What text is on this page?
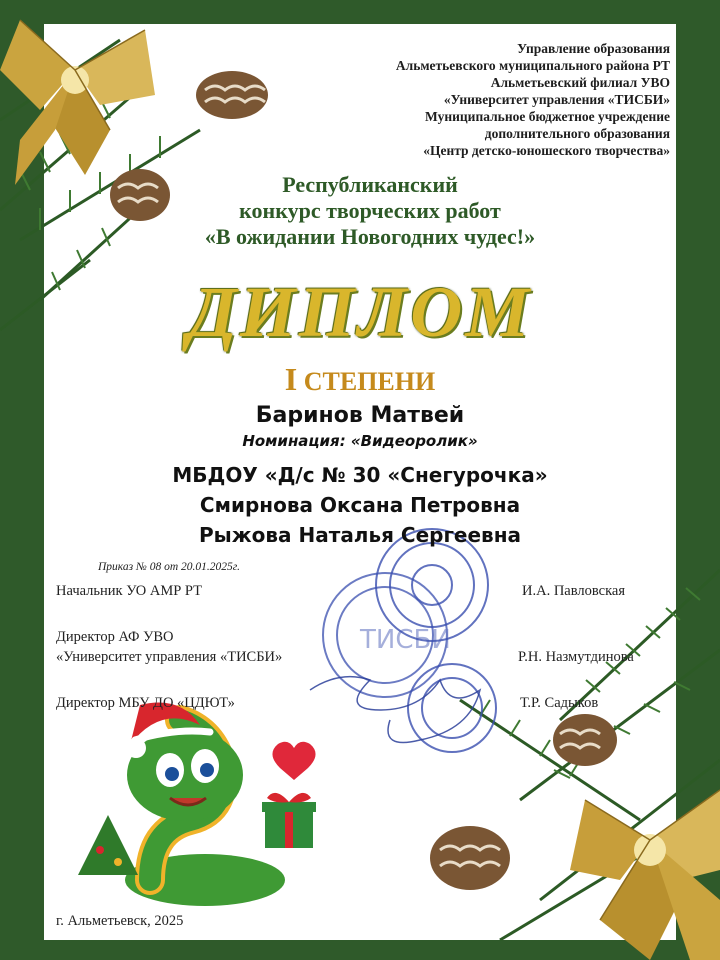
ТИСБИ
Управление образования
Альметьевского муниципального района РТ
Альметьевский филиал УВО
«Университет управления «ТИСБИ»
Муниципальное бюджетное учреждение
дополнительного образования
«Центр детско-юношеского творчества»
Республиканский
конкурс творческих работ
«В ожидании Новогодних чудес!»
ДИПЛОМ
I СТЕПЕНИ
Баринов Матвей
Номинация: «Видеоролик»
МБДОУ «Д/с № 30 «Снегурочка»
Смирнова Оксана Петровна
Рыжова Наталья Сергеевна
Приказ № 08 от 20.01.2025г.
Начальник УО АМР РТ	И.А. Павловская
Директор АФ УВО
«Университет управления «ТИСБИ»	Р.Н. Назмутдинова
Директор МБУ ДО «ЦДЮТ»	Т.Р. Садыков
г. Альметьевск, 2025
